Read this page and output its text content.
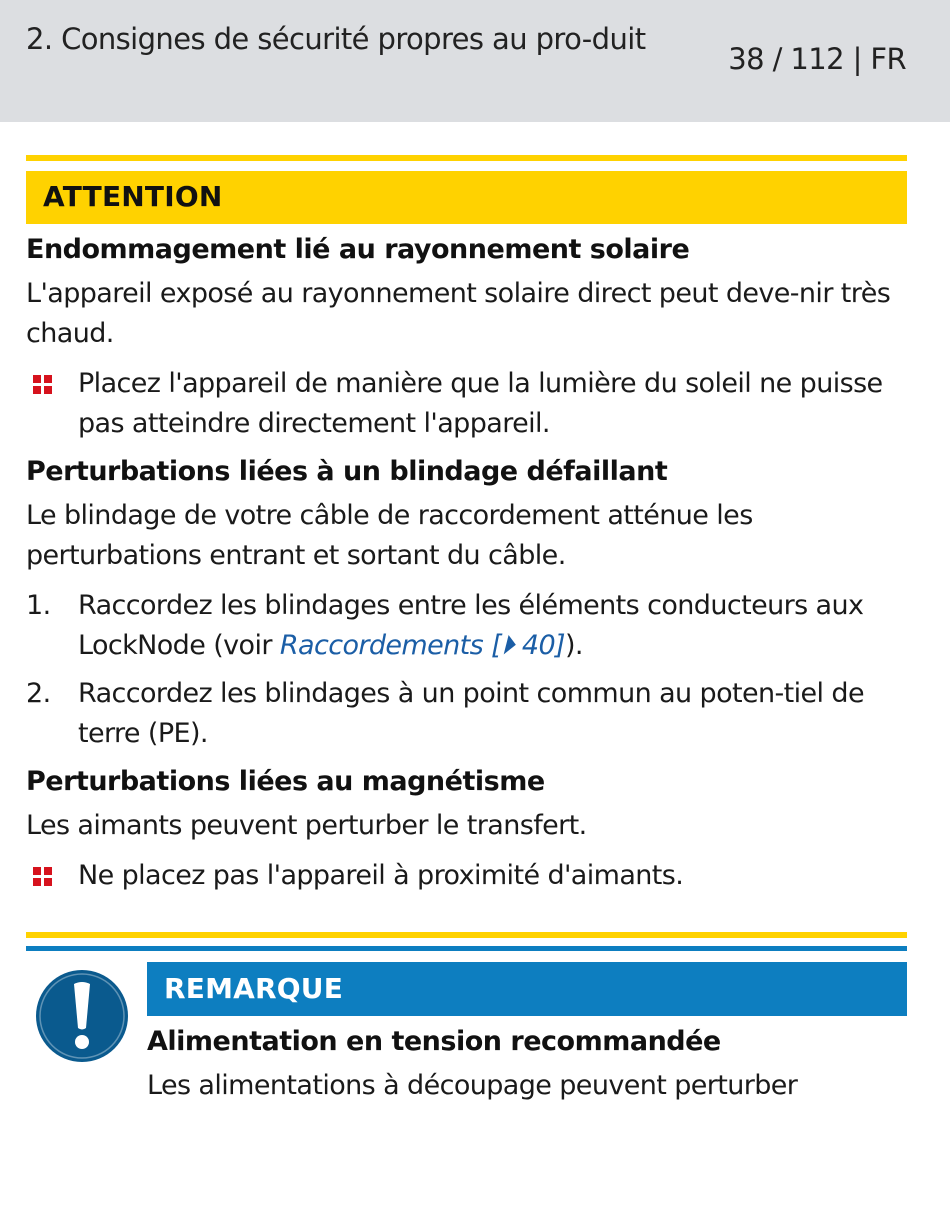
2. Consignes de sécurité propres au pro-duit
38 / 112 | FR
ATTENTION
Endommagement lié au rayonnement solaire
L'appareil exposé au rayonnement solaire direct peut deve-nir très chaud.
Placez l'appareil de manière que la lumière du soleil ne puisse pas atteindre directement l'appareil.
Perturbations liées à un blindage défaillant
Le blindage de votre câble de raccordement atténue les perturbations entrant et sortant du câble.
1. Raccordez les blindages entre les éléments conducteurs aux LockNode (voir Raccordements [⏵ 40]).
2. Raccordez les blindages à un point commun au poten-tiel de terre (PE).
Perturbations liées au magnétisme
Les aimants peuvent perturber le transfert.
Ne placez pas l'appareil à proximité d'aimants.
REMARQUE
Alimentation en tension recommandée
Les alimentations à découpage peuvent perturber
